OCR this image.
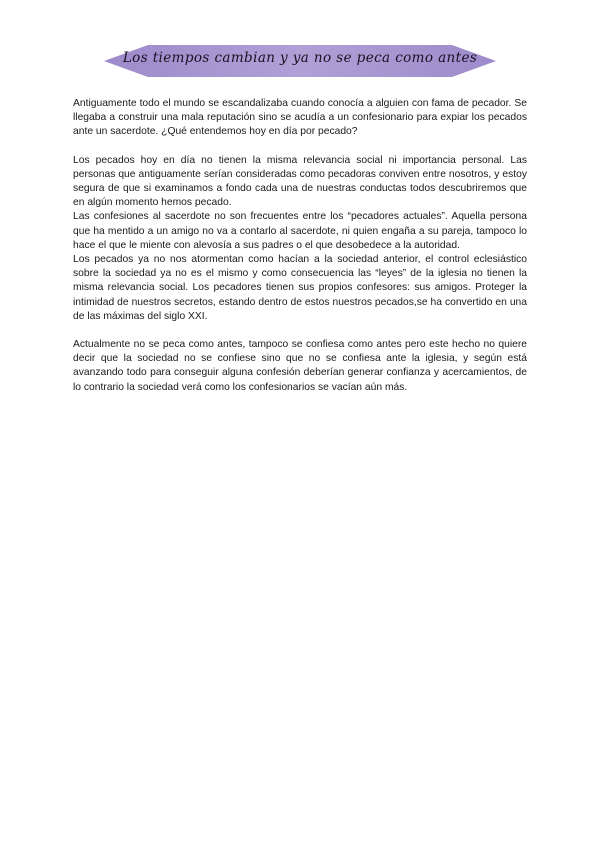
Los tiempos cambian y ya no se peca como antes

Antiguamente todo el mundo se escandalizaba cuando conocía a alguien con fama de pecador. Se llegaba a construir una mala reputación sino se acudía a un confesionario para expiar los pecados ante un sacerdote. ¿Qué entendemos hoy en día por pecado?

Los pecados hoy en día no tienen la misma relevancia social ni importancia personal. Las personas que antiguamente serían consideradas como pecadoras conviven entre nosotros, y estoy segura de que si examinamos a fondo cada una de nuestras conductas todos descubriremos que en algún momento hemos pecado.

Las confesiones al sacerdote no son frecuentes entre los “pecadores actuales”. Aquella persona que ha mentido a un amigo no va a contarlo al sacerdote, ni quien engaña a su pareja, tampoco lo hace el que le miente con alevosía a sus padres o el que desobedece a la autoridad.

Los pecados ya no nos atormentan como hacían a la sociedad anterior, el control eclesiástico sobre la sociedad ya no es el mismo y como consecuencia las “leyes” de la iglesia no tienen la misma relevancia social. Los pecadores tienen sus propios confesores: sus amigos. Proteger la intimidad de nuestros secretos, estando dentro de estos nuestros pecados,se ha convertido en una de las máximas del siglo XXI.

Actualmente no se peca como antes, tampoco se confiesa como antes pero este hecho no quiere decir que la sociedad no se confiese sino que no se confiesa ante la iglesia, y según está avanzando todo para conseguir alguna confesión deberían generar confianza y acercamientos, de lo contrario la sociedad verá como los confesionarios se vacían aún más.
